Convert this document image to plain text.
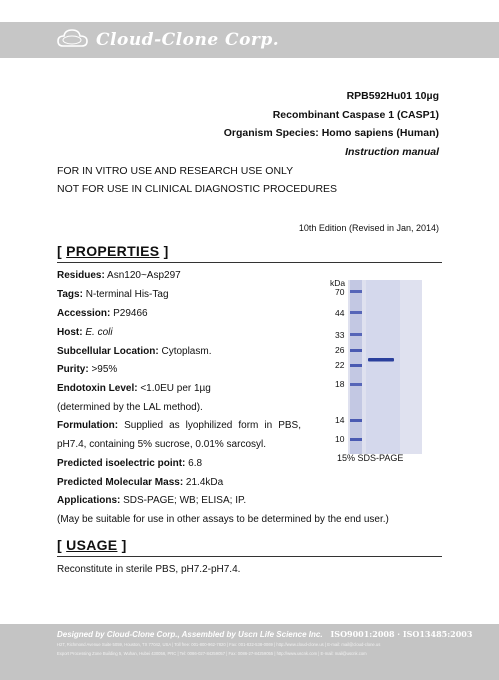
Cloud-Clone Corp.
RPB592Hu01 10µg
Recombinant Caspase 1 (CASP1)
Organism Species: Homo sapiens (Human)
Instruction manual
FOR IN VITRO USE AND RESEARCH USE ONLY
NOT FOR USE IN CLINICAL DIAGNOSTIC PROCEDURES
10th Edition (Revised in Jan, 2014)
[ PROPERTIES ]
Residues: Asn120~Asp297
Tags: N-terminal His-Tag
Accession: P29466
Host: E. coli
Subcellular Location: Cytoplasm.
Purity: >95%
Endotoxin Level: <1.0EU per 1µg
(determined by the LAL method).
Formulation: Supplied as lyophilized form in PBS,
pH7.4, containing 5% sucrose, 0.01% sarcosyl.
Predicted isoelectric point: 6.8
Predicted Molecular Mass: 21.4kDa
Applications: SDS-PAGE; WB; ELISA; IP.
(May be suitable for use in other assays to be determined by the end user.)
kDa
70
44
33
26
22
18
14
10
15% SDS-PAGE
[ USAGE ]
Reconstitute in sterile PBS, pH7.2-pH7.4.
Designed by Cloud-Clone Corp., Assembled by Uscn Life Science Inc. ISO9001:2008 · ISO13485:2003
H2T, Richmond Avenue Suite 5059, Houston, TX 77042, USA | Toll free: 001-800-962-7820 | Fax: 001-832-538-0069 | http://www.cloud-clone.us | E-mail: mail@cloud-clone.us
Export Processing Zone Building 5, Wuhan, Hubei 430056, PRC | Tel: 0086-027-84259057 | Fax: 0086-27-84259055 | http://www.uscnk.com | E-mail: mail@uscnk.com
